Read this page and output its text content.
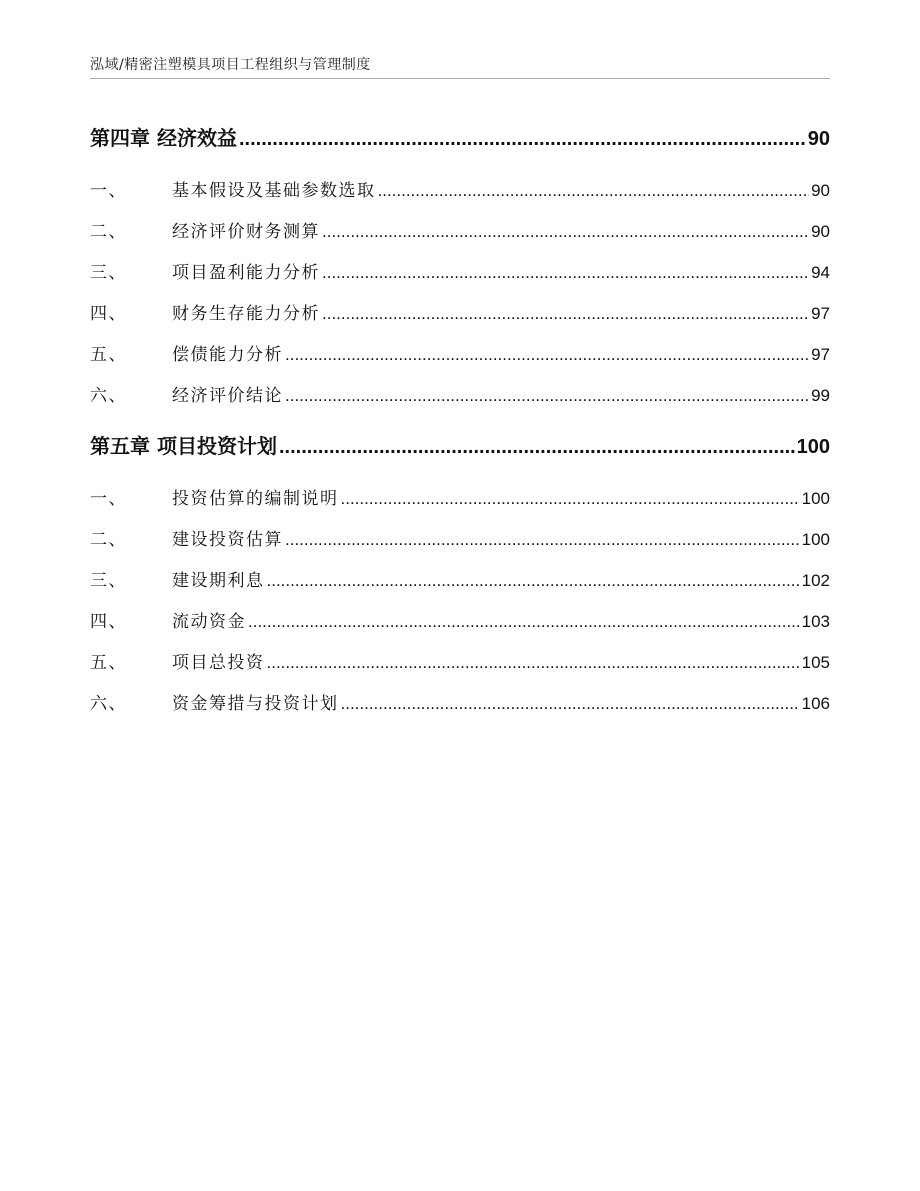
泓域/精密注塑模具项目工程组织与管理制度
第四章 经济效益 .....	90
一、	基本假设及基础参数选取 .....	90
二、	经济评价财务测算 .....	90
三、	项目盈利能力分析 .....	94
四、	财务生存能力分析 .....	97
五、	偿债能力分析 .....	97
六、	经济评价结论 .....	99
第五章 项目投资计划 .....	100
一、	投资估算的编制说明 .....	100
二、	建设投资估算 .....	100
三、	建设期利息 .....	102
四、	流动资金 .....	103
五、	项目总投资 .....	105
六、	资金筹措与投资计划 .....	106
